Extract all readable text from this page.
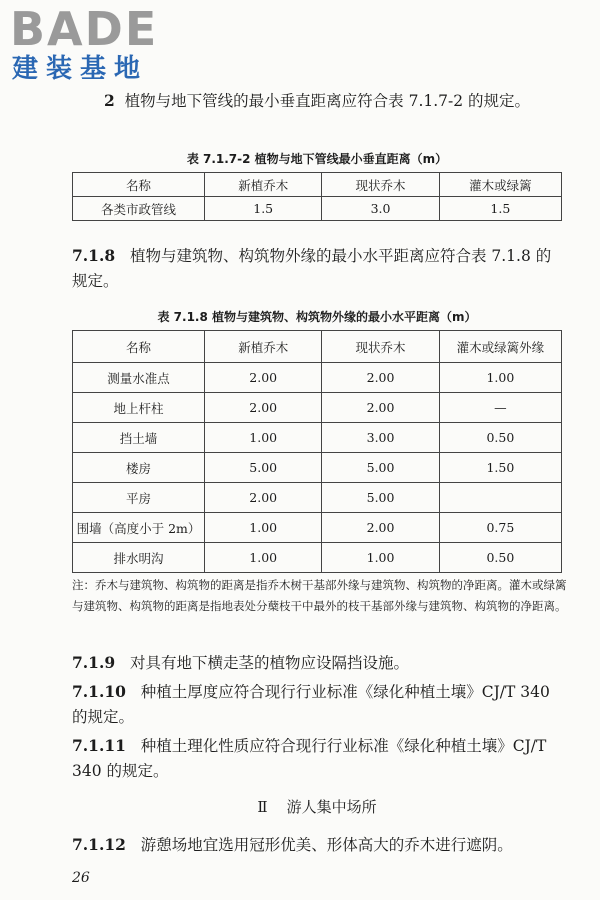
BADE
建装基地
2 植物与地下管线的最小垂直距离应符合表 7.1.7-2 的规定。
表 7.1.7-2 植物与地下管线最小垂直距离（m）
名称	新植乔木	现状乔木	灌木或绿篱
各类市政管线	1.5	3.0	1.5
7.1.8 植物与建筑物、构筑物外缘的最小水平距离应符合表 7.1.8 的规定。
表 7.1.8 植物与建筑物、构筑物外缘的最小水平距离（m）
名称	新植乔木	现状乔木	灌木或绿篱外缘
测量水准点	2.00	2.00	1.00
地上杆柱	2.00	2.00	—
挡土墙	1.00	3.00	0.50
楼房	5.00	5.00	1.50
平房	2.00	5.00	
围墙（高度小于 2m）	1.00	2.00	0.75
排水明沟	1.00	1.00	0.50
注：乔木与建筑物、构筑物的距离是指乔木树干基部外缘与建筑物、构筑物的净距离。灌木或绿篱与建筑物、构筑物的距离是指地表处分蘖枝干中最外的枝干基部外缘与建筑物、构筑物的净距离。
7.1.9 对具有地下横走茎的植物应设隔挡设施。
7.1.10 种植土厚度应符合现行行业标准《绿化种植土壤》CJ/T 340 的规定。
7.1.11 种植土理化性质应符合现行行业标准《绿化种植土壤》CJ/T 340 的规定。
Ⅱ 游人集中场所
7.1.12 游憩场地宜选用冠形优美、形体高大的乔木进行遮阴。
26
